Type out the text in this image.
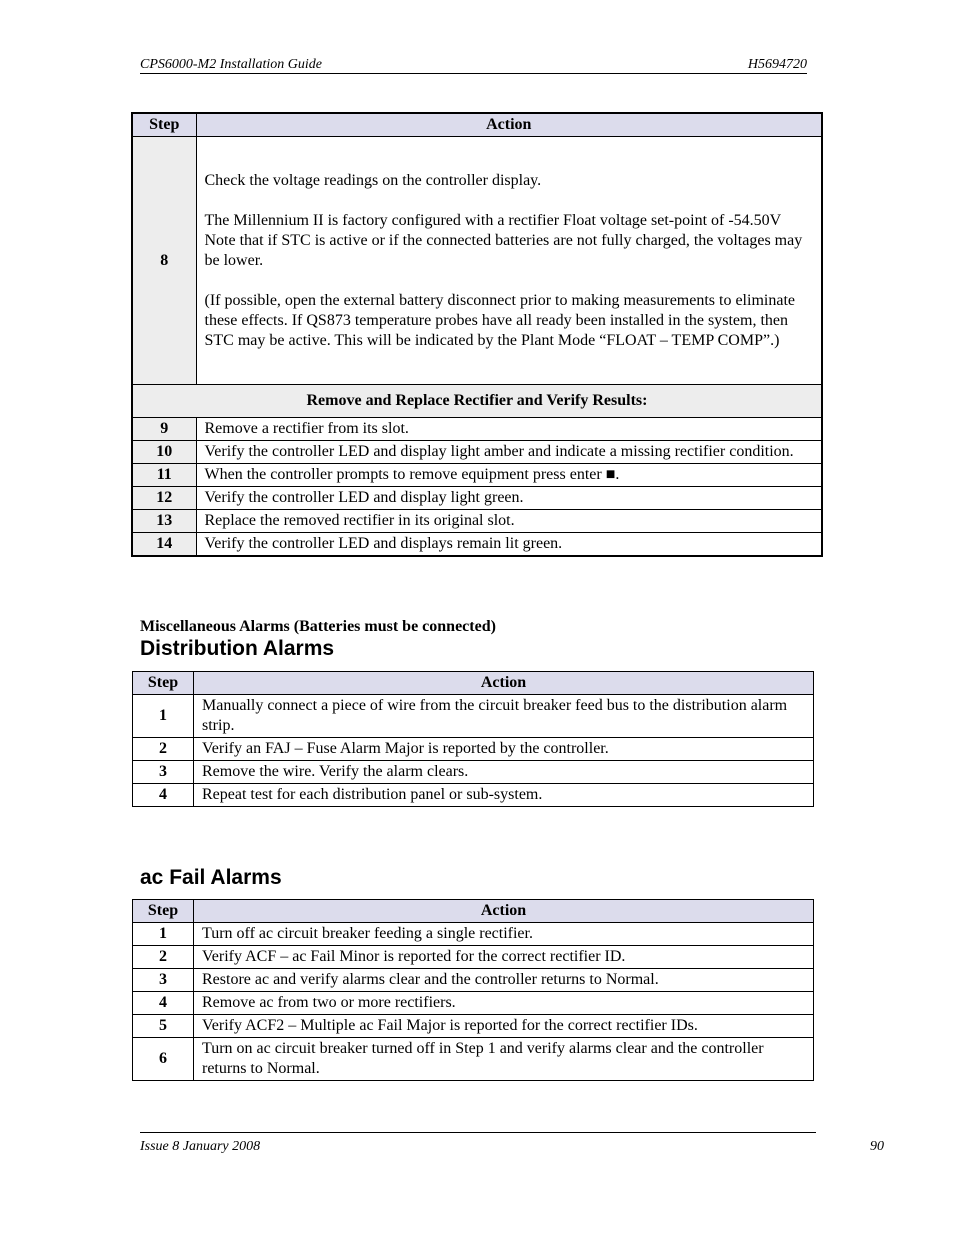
CPS6000-M2 Installation Guide	H5694720
Step	Action
8	Check the voltage readings on the controller display.
The Millennium II is factory configured with a rectifier Float voltage set-point of -54.50V
Note that if STC is active or if the connected batteries are not fully charged, the voltages may be lower.
(If possible, open the external battery disconnect prior to making measurements to eliminate these effects. If QS873 temperature probes have all ready been installed in the system, then STC may be active. This will be indicated by the Plant Mode “FLOAT – TEMP COMP”.)

Remove and Replace Rectifier and Verify Results:	
9	Remove a rectifier from its slot.
10	Verify the controller LED and display light amber and indicate a missing rectifier condition.
11	When the controller prompts to remove equipment press enter ■.
12	Verify the controller LED and display light green.
13	Replace the removed rectifier in its original slot.
14	Verify the controller LED and displays remain lit green.
Miscellaneous Alarms (Batteries must be connected)
Distribution Alarms
Step	Action
1	Manually connect a piece of wire from the circuit breaker feed bus to the distribution alarm strip.
2	Verify an FAJ – Fuse Alarm Major is reported by the controller.
3	Remove the wire. Verify the alarm clears.
4	Repeat test for each distribution panel or sub-system.
ac Fail Alarms
Step	Action
1	Turn off ac circuit breaker feeding a single rectifier.
2	Verify ACF – ac Fail Minor is reported for the correct rectifier ID.
3	Restore ac and verify alarms clear and the controller returns to Normal.
4	Remove ac from two or more rectifiers.
5	Verify ACF2 – Multiple ac Fail Major is reported for the correct rectifier IDs.
6	Turn on ac circuit breaker turned off in Step 1 and verify alarms clear and the controller returns to Normal.
Issue 8 January 2008	90
